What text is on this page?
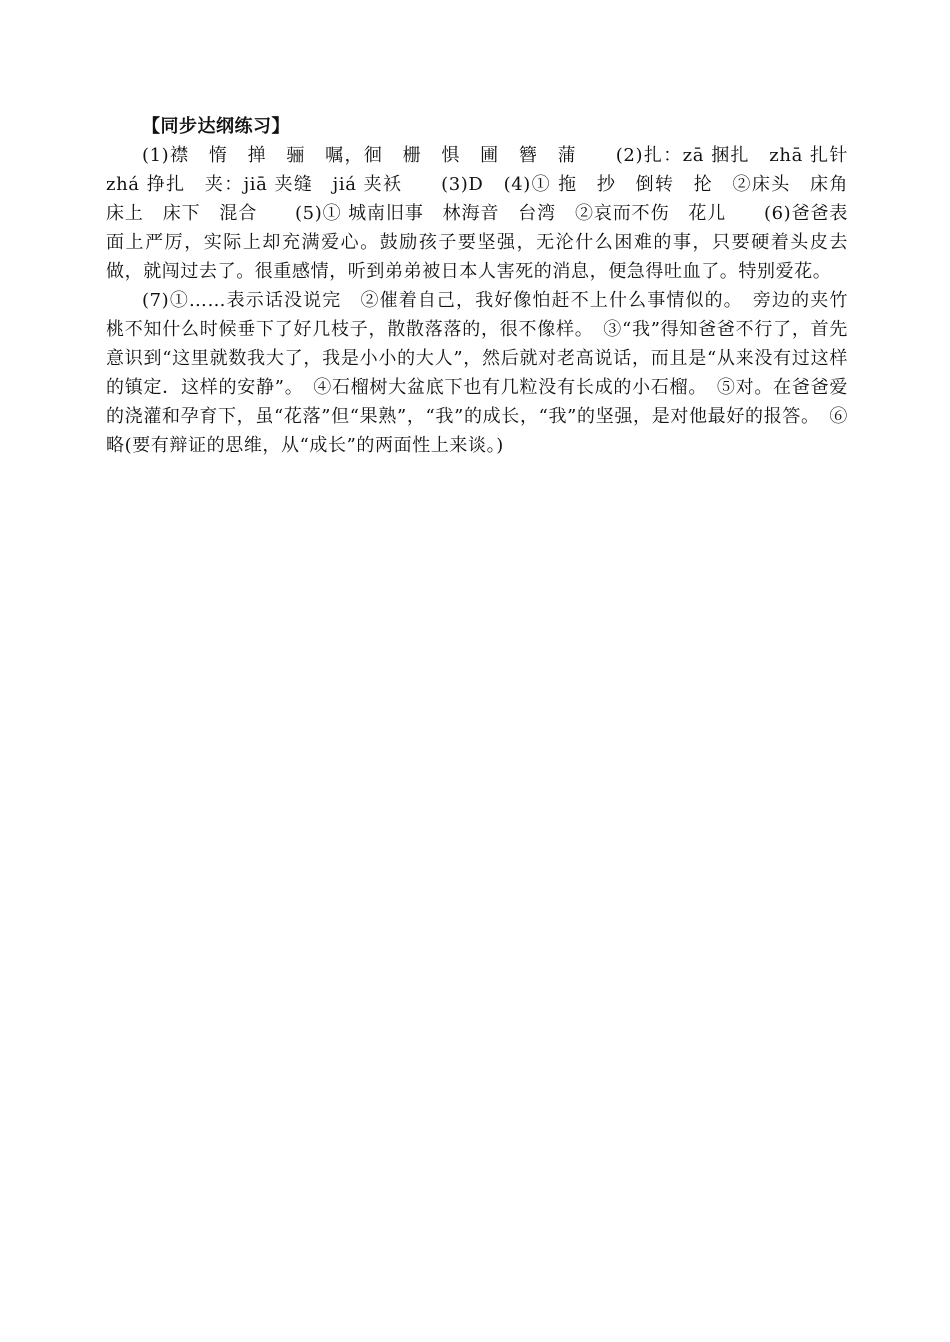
【同步达纲练习】

(1)襟　惰　掸　骊　嘱，徊　栅　惧　圃　簪　蒲　　(2)扎：zā 捆扎　zhā 扎针　zhá 挣扎　夹：jiā 夹缝　jiá 夹袄　　(3)D　(4)① 拖　抄　倒转　抡　②床头　床角　床上　床下　混合　　(5)① 城南旧事　林海音　台湾　②哀而不伤　花儿　　(6)爸爸表面上严厉，实际上却充满爱心。鼓励孩子要坚强，无沦什么困难的事，只要硬着头皮去做，就闯过去了。很重感情，听到弟弟被日本人害死的消息，便急得吐血了。特别爱花。

(7)①……表示话没说完　②催着自己，我好像怕赶不上什么事情似的。　旁边的夹竹桃不知什么时候垂下了好几枝子，散散落落的，很不像样。　③“我”得知爸爸不行了，首先意识到“这里就数我大了，我是小小的大人”，然后就对老高说话，而且是“从来没有过这样的镇定．这样的安静”。　④石榴树大盆底下也有几粒没有长成的小石榴。　⑤对。在爸爸爱的浇灌和孕育下，虽“花落”但“果熟”，“我”的成长，“我”的坚强，是对他最好的报答。　⑥略(要有辩证的思维，从“成长”的两面性上来谈。)
